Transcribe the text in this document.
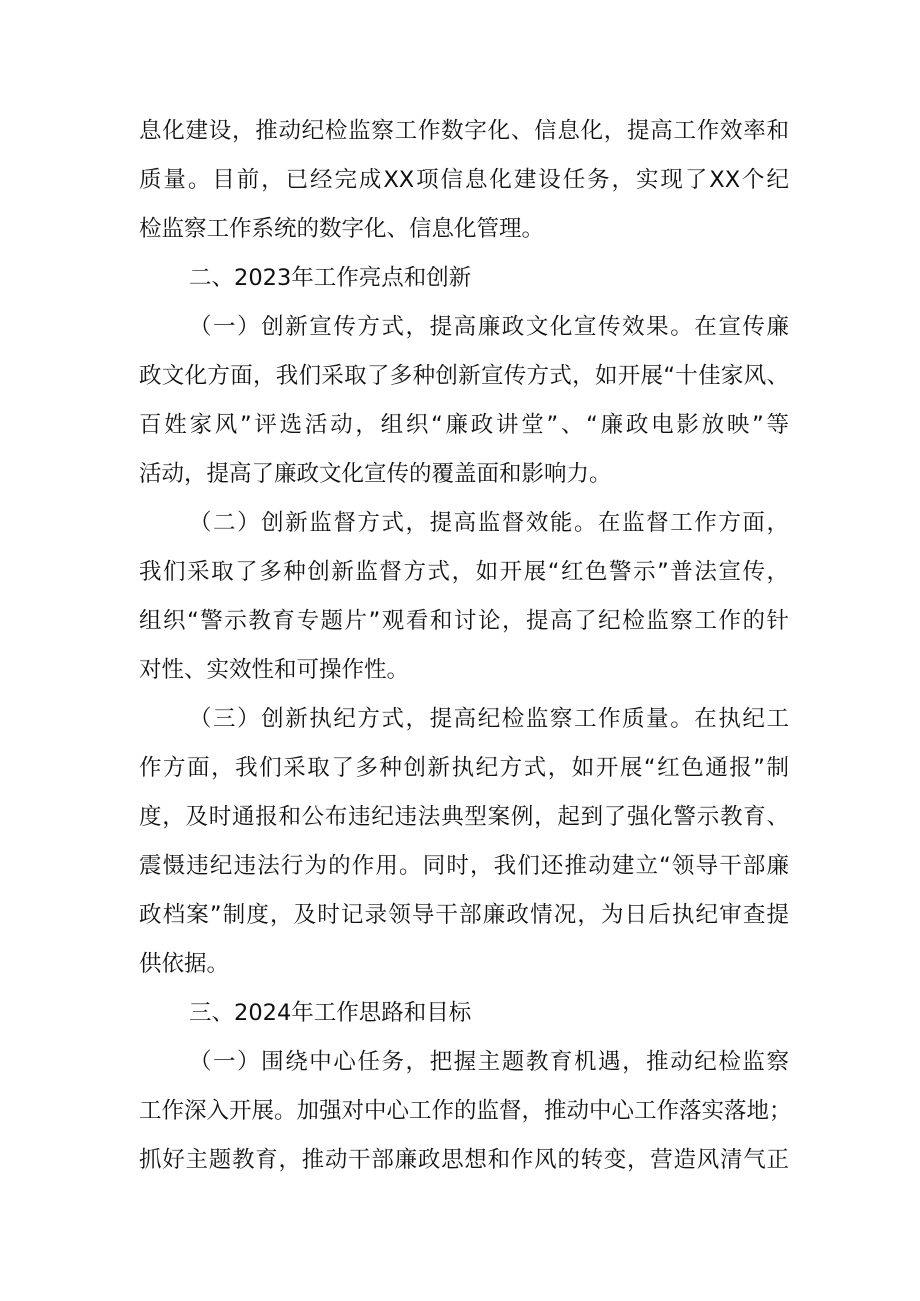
息化建设，推动纪检监察工作数字化、信息化，提高工作效率和
质量。目前，已经完成XX项信息化建设任务，实现了XX个纪
检监察工作系统的数字化、信息化管理。
二、2023年工作亮点和创新
（一）创新宣传方式，提高廉政文化宣传效果。在宣传廉
政文化方面，我们采取了多种创新宣传方式，如开展“十佳家风、
百姓家风”评选活动，组织“廉政讲堂”、“廉政电影放映”等
活动，提高了廉政文化宣传的覆盖面和影响力。
（二）创新监督方式，提高监督效能。在监督工作方面，
我们采取了多种创新监督方式，如开展“红色警示”普法宣传，
组织“警示教育专题片”观看和讨论，提高了纪检监察工作的针
对性、实效性和可操作性。
（三）创新执纪方式，提高纪检监察工作质量。在执纪工
作方面，我们采取了多种创新执纪方式，如开展“红色通报”制
度，及时通报和公布违纪违法典型案例，起到了强化警示教育、
震慑违纪违法行为的作用。同时，我们还推动建立“领导干部廉
政档案”制度，及时记录领导干部廉政情况，为日后执纪审查提
供依据。
三、2024年工作思路和目标
（一）围绕中心任务，把握主题教育机遇，推动纪检监察
工作深入开展。加强对中心工作的监督，推动中心工作落实落地；
抓好主题教育，推动干部廉政思想和作风的转变，营造风清气正
